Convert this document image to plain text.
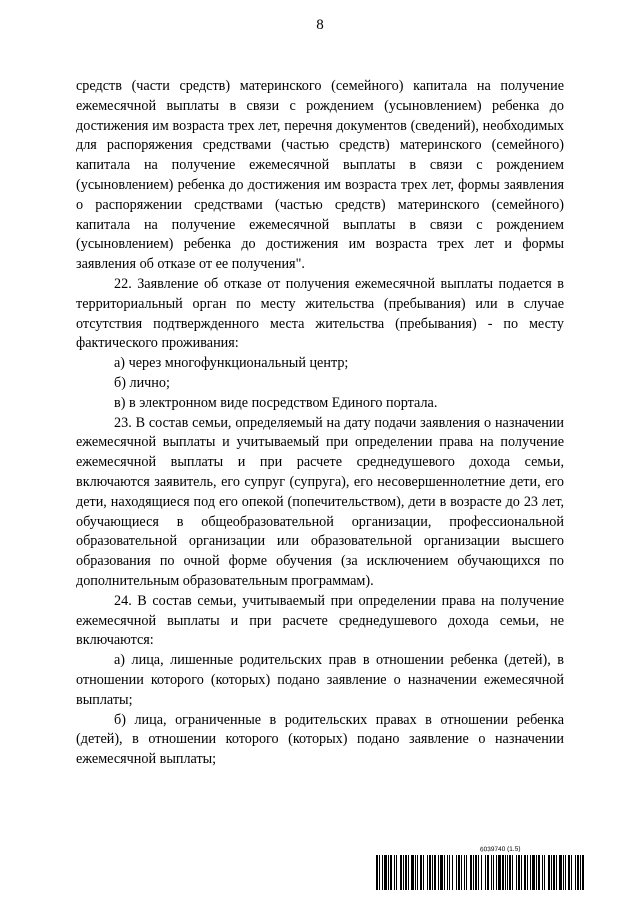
8

средств (части средств) материнского (семейного) капитала на получение ежемесячной выплаты в связи с рождением (усыновлением) ребенка до достижения им возраста трех лет, перечня документов (сведений), необходимых для распоряжения средствами (частью средств) материнского (семейного) капитала на получение ежемесячной выплаты в связи с рождением (усыновлением) ребенка до достижения им возраста трех лет, формы заявления о распоряжении средствами (частью средств) материнского (семейного) капитала на получение ежемесячной выплаты в связи с рождением (усыновлением) ребенка до достижения им возраста трех лет и формы заявления об отказе от ее получения".

22. Заявление об отказе от получения ежемесячной выплаты подается в территориальный орган по месту жительства (пребывания) или в случае отсутствия подтвержденного места жительства (пребывания) - по месту фактического проживания:

а) через многофункциональный центр;

б) лично;

в) в электронном виде посредством Единого портала.

23. В состав семьи, определяемый на дату подачи заявления о назначении ежемесячной выплаты и учитываемый при определении права на получение ежемесячной выплаты и при расчете среднедушевого дохода семьи, включаются заявитель, его супруг (супруга), его несовершеннолетние дети, его дети, находящиеся под его опекой (попечительством), дети в возрасте до 23 лет, обучающиеся в общеобразовательной организации, профессиональной образовательной организации или образовательной организации высшего образования по очной форме обучения (за исключением обучающихся по дополнительным образовательным программам).

24. В состав семьи, учитываемый при определении права на получение ежемесячной выплаты и при расчете среднедушевого дохода семьи, не включаются:

а) лица, лишенные родительских прав в отношении ребенка (детей), в отношении которого (которых) подано заявление о назначении ежемесячной выплаты;

б) лица, ограниченные в родительских правах в отношении ребенка (детей), в отношении которого (которых) подано заявление о назначении ежемесячной выплаты;

6039740 (1.5)
